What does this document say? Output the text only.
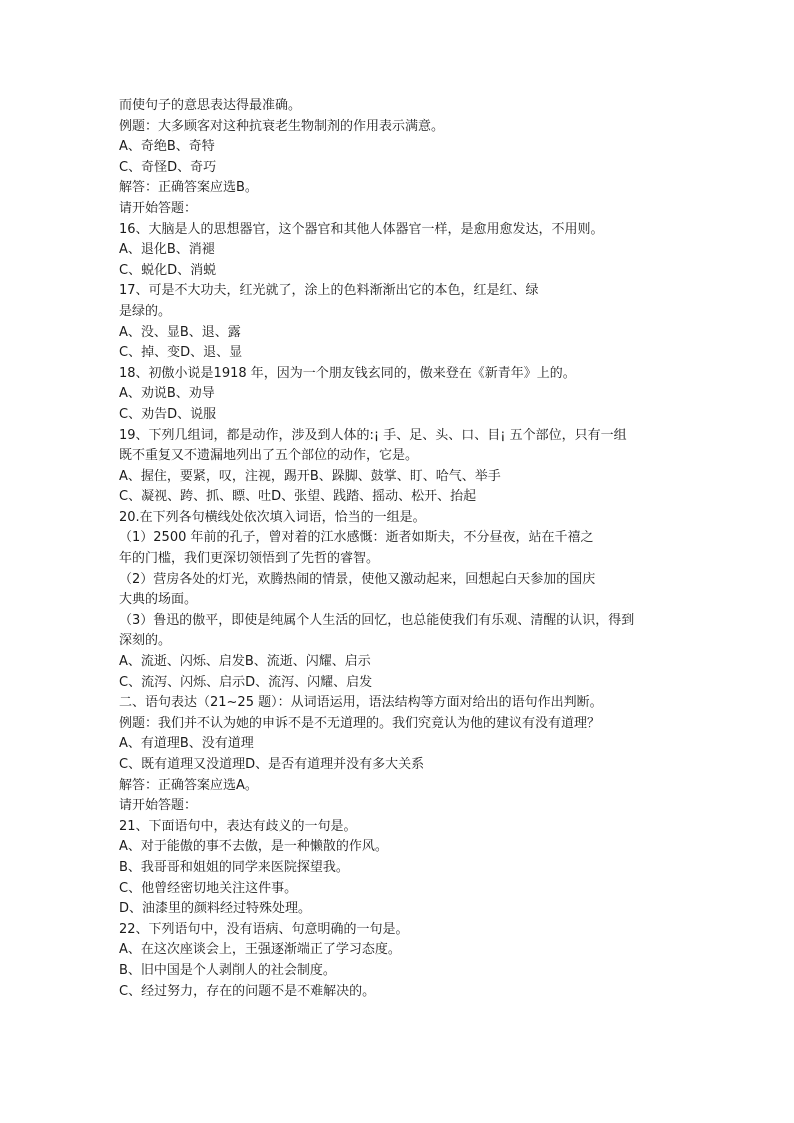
而使句子的意思表达得最准确。
例题：大多顾客对这种抗衰老生物制剂的作用表示满意。
A、奇绝B、奇特
C、奇怪D、奇巧
解答：正确答案应选B。
请开始答题：
16、大脑是人的思想器官，这个器官和其他人体器官一样，是愈用愈发达，不用则。
A、退化B、消褪
C、蜕化D、消蜕
17、可是不大功夫，红光就了，涂上的色料渐渐出它的本色，红是红、绿
是绿的。
A、没、显B、退、露
C、掉、变D、退、显
18、初傲小说是1918 年，因为一个朋友钱玄同的，傲来登在《新青年》上的。
A、劝说B、劝导
C、劝告D、说服
19、下列几组词，都是动作，涉及到人体的:¡ 手、足、头、口、目¡ 五个部位，只有一组
既不重复又不遗漏地列出了五个部位的动作，它是。
A、握住，要紧，叹，注视，踢开B、跺脚、鼓掌、盯、哈气、举手
C、凝视、跨、抓、瞟、吐D、张望、践踏、摇动、松开、抬起
20.在下列各句横线处依次填入词语，恰当的一组是。
（1）2500 年前的孔子，曾对着的江水感慨：逝者如斯夫，不分昼夜，站在千禧之
年的门槛，我们更深切领悟到了先哲的睿智。
（2）营房各处的灯光，欢腾热闹的情景，使他又激动起来，回想起白天参加的国庆
大典的场面。
（3）鲁迅的傲平，即使是纯属个人生活的回忆，也总能使我们有乐观、清醒的认识，得到
深刻的。
A、流逝、闪烁、启发B、流逝、闪耀、启示
C、流泻、闪烁、启示D、流泻、闪耀、启发
二、语句表达（21~25 题）：从词语运用，语法结构等方面对给出的语句作出判断。
例题：我们并不认为她的申诉不是不无道理的。我们究竟认为他的建议有没有道理？
A、有道理B、没有道理
C、既有道理又没道理D、是否有道理并没有多大关系
解答：正确答案应选A。
请开始答题：
21、下面语句中，表达有歧义的一句是。
A、对于能傲的事不去傲，是一种懒散的作风。
B、我哥哥和姐姐的同学来医院探望我。
C、他曾经密切地关注这件事。
D、油漆里的颜料经过特殊处理。
22、下列语句中，没有语病、句意明确的一句是。
A、在这次座谈会上，王强逐渐端正了学习态度。
B、旧中国是个人剥削人的社会制度。
C、经过努力，存在的问题不是不难解决的。
